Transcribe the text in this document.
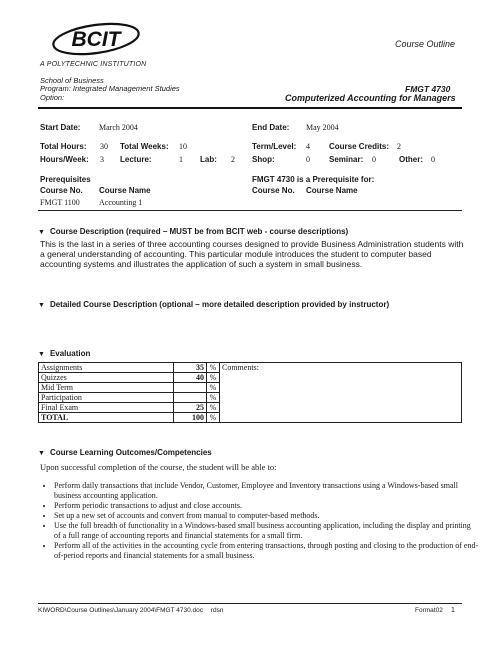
BCIT
A POLYTECHNIC INSTITUTION
Course Outline
School of Business
Program: Integrated Management Studies
Option:
FMGT 4730
Computerized Accounting for Managers
Start Date: March 2004	End Date: May 2004
Total Hours: 30 Total Weeks: 10	Term/Level: 4 Course Credits: 2
Hours/Week: 3 Lecture:	1 Lab: 2 Shop:	0 Seminar: 0	Other: 0
Prerequisites
Course No. Course Name
FMGT 1100 Accounting 1
FMGT 4730 is a Prerequisite for:
Course No. Course Name
▼ Course Description (required – MUST be from BCIT web - course descriptions)
This is the last in a series of three accounting courses designed to provide Business Administration students with a general understanding of accounting. This particular module introduces the student to computer based accounting systems and illustrates the application of such a system in small business.
▼ Detailed Course Description (optional – more detailed description provided by instructor)
▼ Evaluation
Assignments	35	%	Comments:
Quizzes	40	%	
Mid Term		%	
Participation		%	
Final Exam	25	%	
TOTAL	100	%	
▼ Course Learning Outcomes/Competencies
Upon successful completion of the course, the student will be able to:
• Perform daily transactions that include Vendor, Customer, Employee and Inventory transactions using a Windows-based small business accounting application.
• Perform periodic transactions to adjust and close accounts.
• Set up a new set of accounts and convert from manual to computer-based methods.
• Use the full breadth of functionality in a Windows-based small business accounting application, including the display and printing of a full range of accounting reports and financial statements for a small firm.
• Perform all of the activities in the accounting cycle from entering transactions, through posting and closing to the production of end-of-period reports and financial statements for a small business.
KIWORD\Course Outlines\January 2004\FMGT 4730.doc rdsn	Format02 1
